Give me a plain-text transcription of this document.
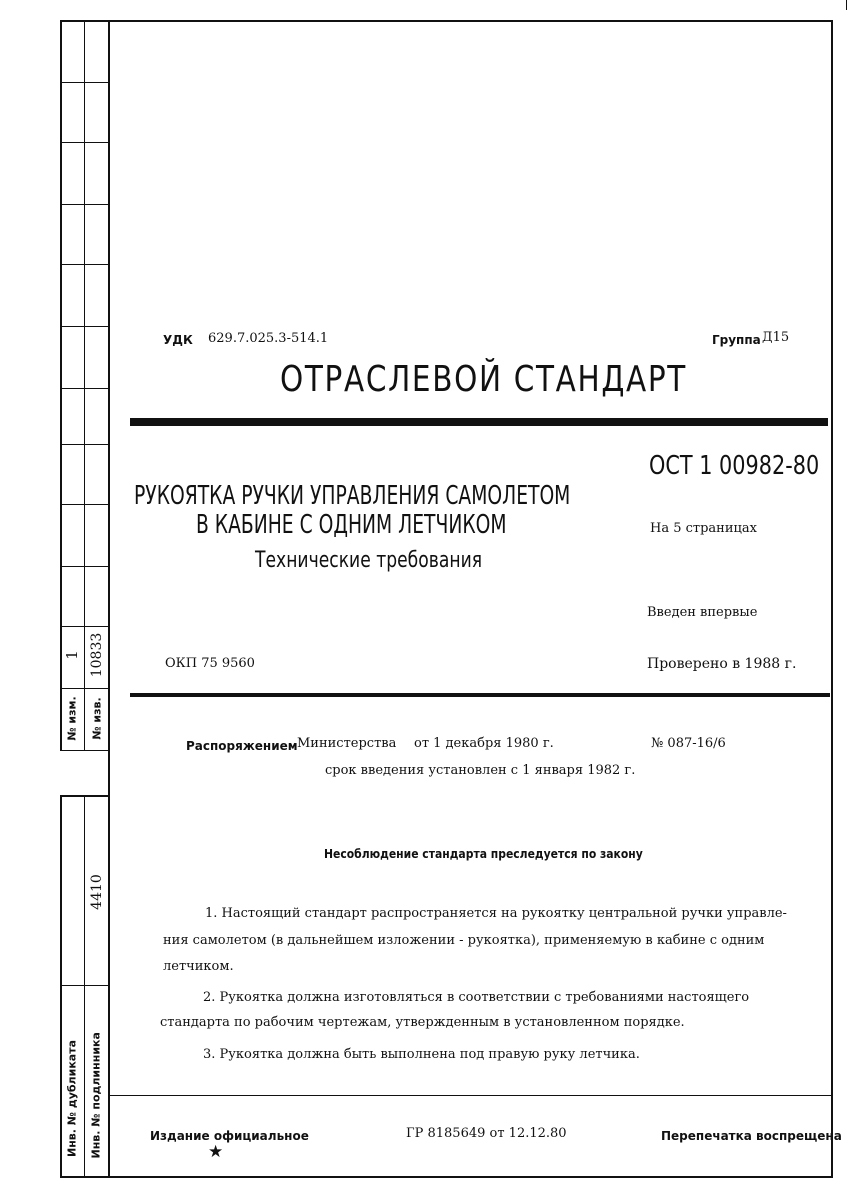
1 10833
№ изм. № изв.
4410
Инв. № дубликата Инв. № подлинника
УДК 629.7.025.3-514.1	Группа Д15
ОТРАСЛЕВОЙ СТАНДАРТ
РУКОЯТКА РУЧКИ УПРАВЛЕНИЯ САМОЛЕТОМ
В КАБИНЕ С ОДНИМ ЛЕТЧИКОМ
Технические требования
ОСТ 1 00982-80
На 5 страницах
Введен впервые
ОКП 75 9560	Проверено в 1988 г.
Распоряжением Министерства от 1 декабря 1980 г.	№ 087-16/6
срок введения установлен с 1 января 1982 г.
Несоблюдение стандарта преследуется по закону
1. Настоящий стандарт распространяется на рукоятку центральной ручки управле-
ния самолетом (в дальнейшем изложении - рукоятка), применяемую в кабине с одним
летчиком.
2. Рукоятка должна изготовляться в соответствии с требованиями настоящего
стандарта по рабочим чертежам, утвержденным в установленном порядке.
3. Рукоятка должна быть выполнена под правую руку летчика.
Издание официальное
★
ГР 8185649 от 12.12.80	Перепечатка воспрещена
